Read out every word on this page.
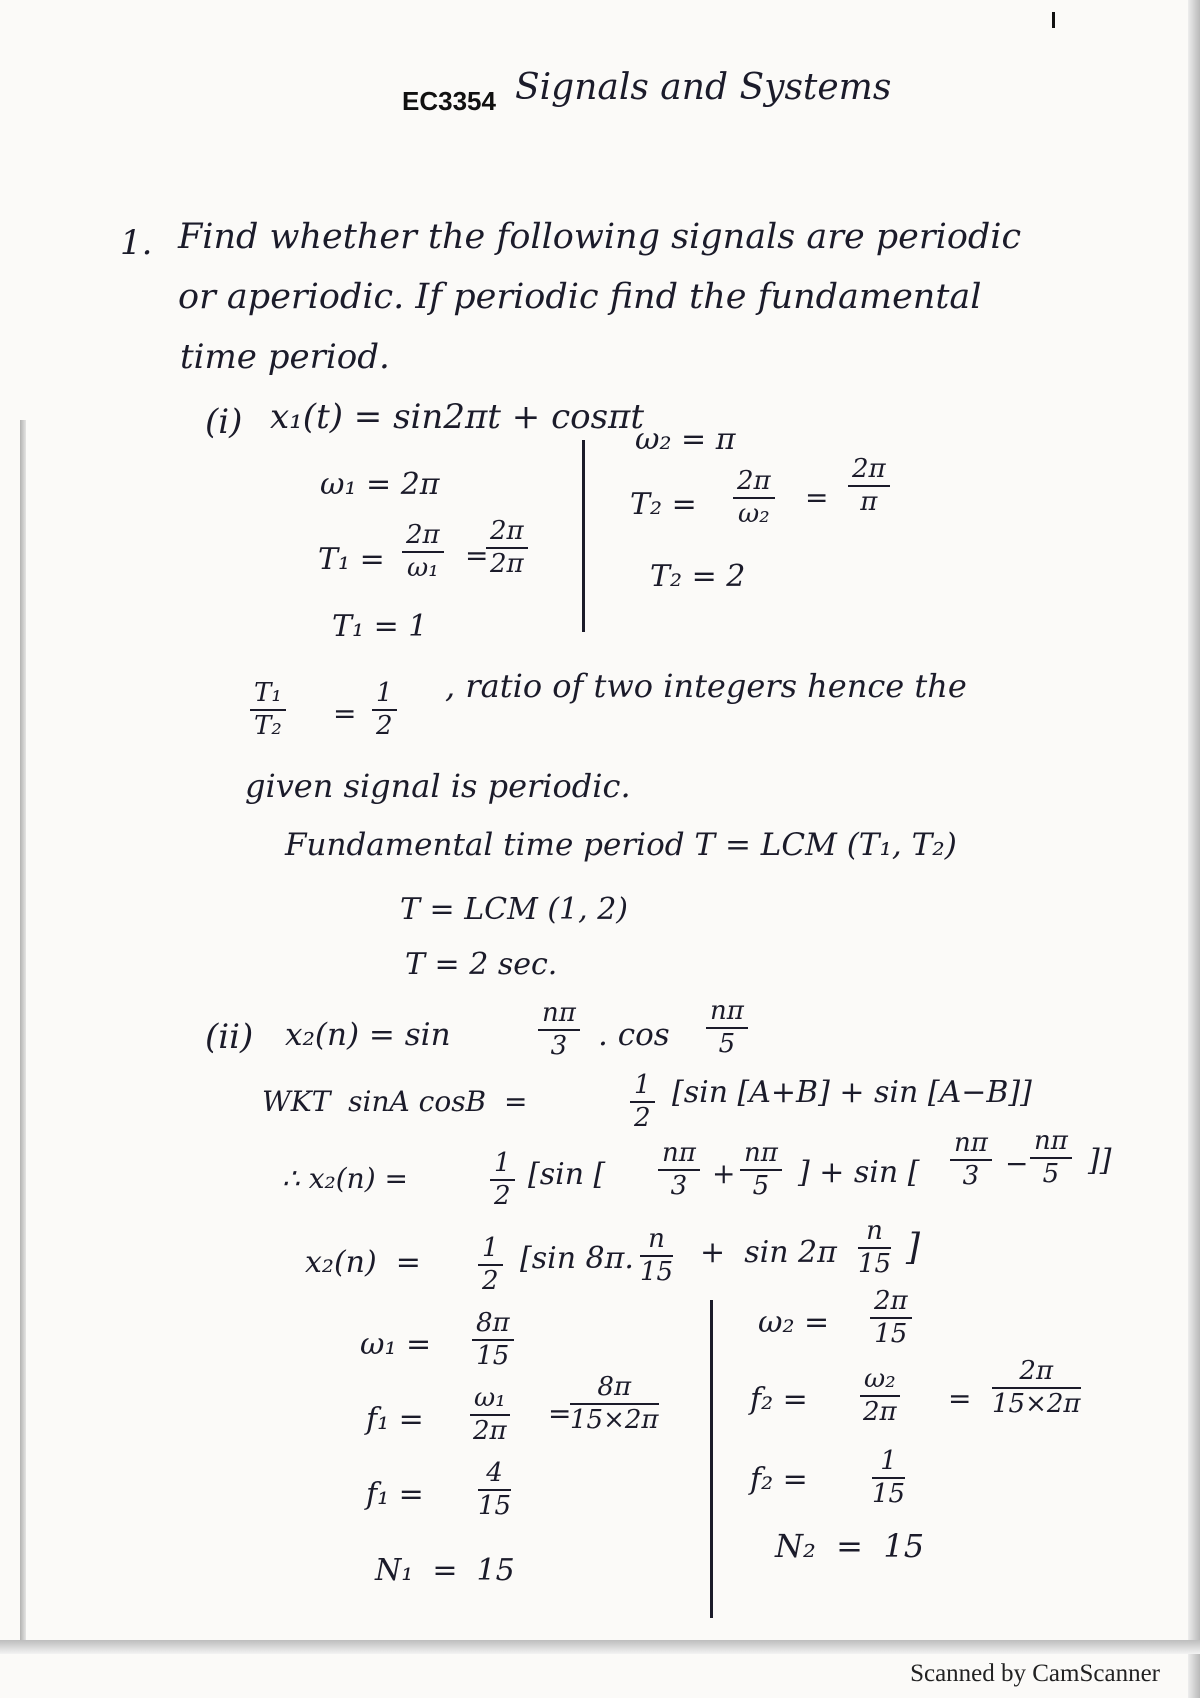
EC3354 Signals and Systems
1. Find whether the following signals are periodic
or aperiodic. If periodic find the fundamental
time period.
(i) x₁(t) = sin2πt + cosπt
ω₁ = 2π
$T_1 = \frac{2\pi}{\text{ω₁}}$ =
$\frac{2\pi}{2\pi}$
T₁ = 1
ω₂ = π
$T_2 = \frac{2\pi}{\text{ω₂}} = \frac{2\pi}{\pi}$
T₂ = 2
$\frac{\text{T₁}}{\text{T₂}} = \frac{1}{2}$ , ratio of two integers hence the
given signal is periodic.
Fundamental time period T = LCM (T₁, T₂)
T = LCM (1, 2)
T = 2 sec.
(ii) x₂(n) = sin	$\frac{n\pi}{3}$ . $\cos \frac{n\pi}{5}$
WKT  sinA cosB  =	$\frac{1}{2} [\sin$ [A+B] + sin [A−B]]
∴ x₂(n) =	$\frac{1}{2} [\sin$ [ $\frac{n\pi}{3} + \frac{n\pi}{5}$ ] + sin [ $\frac{n\pi}{3} - \frac{n\pi}{5}$ ]]
$x_2(n) = \frac{1}{2} [\sin$ 8π. $\frac{n}{15} + \sin 2\pi \frac{n}{15}$ ]
$\omega_1 = \frac{8\pi}{15}$
$f_1 = \frac{\text{ω₁}}{2\pi}$ =
$\frac{8\pi}{15\times 2\pi}$
$f_1 = \frac{4}{15}$
N₁  =  15
$\omega_2 = \frac{2\pi}{15}$
$f_2 = \frac{\text{ω₂}}{2\pi} = \frac{2\pi}{15\times 2\pi}$
$f_2 = \frac{1}{15}$
N₂  =  15
Scanned by CamScanner
